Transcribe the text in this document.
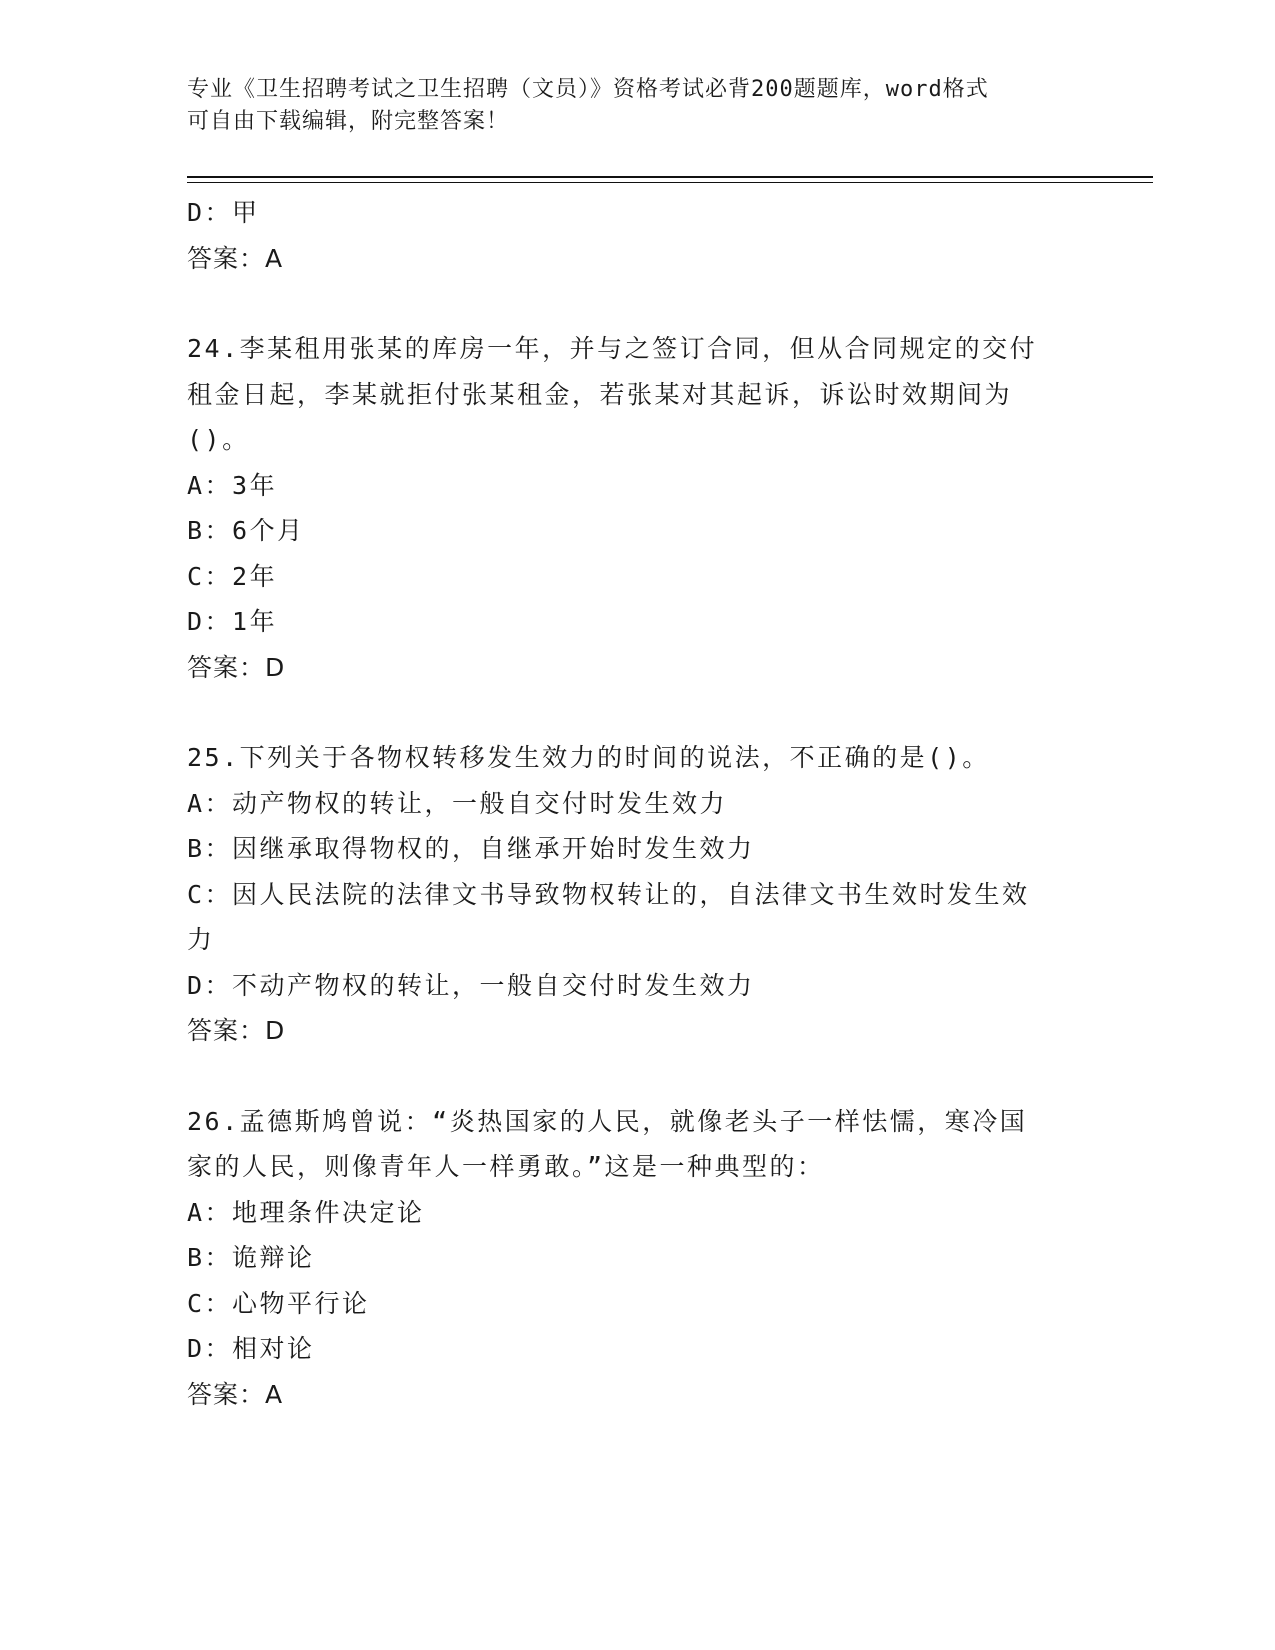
专业《卫生招聘考试之卫生招聘（文员）》资格考试必背200题题库，word格式
可自由下载编辑，附完整答案！
D：甲
答案：A
24.李某租用张某的库房一年，并与之签订合同，但从合同规定的交付
租金日起，李某就拒付张某租金，若张某对其起诉，诉讼时效期间为
()。
A：3年
B：6个月
C：2年
D：1年
答案：D
25.下列关于各物权转移发生效力的时间的说法，不正确的是()。
A：动产物权的转让，一般自交付时发生效力
B：因继承取得物权的，自继承开始时发生效力
C：因人民法院的法律文书导致物权转让的，自法律文书生效时发生效
力
D：不动产物权的转让，一般自交付时发生效力
答案：D
26.孟德斯鸠曾说：“炎热国家的人民，就像老头子一样怯懦，寒冷国
家的人民，则像青年人一样勇敢。”这是一种典型的：
A：地理条件决定论
B：诡辩论
C：心物平行论
D：相对论
答案：A
